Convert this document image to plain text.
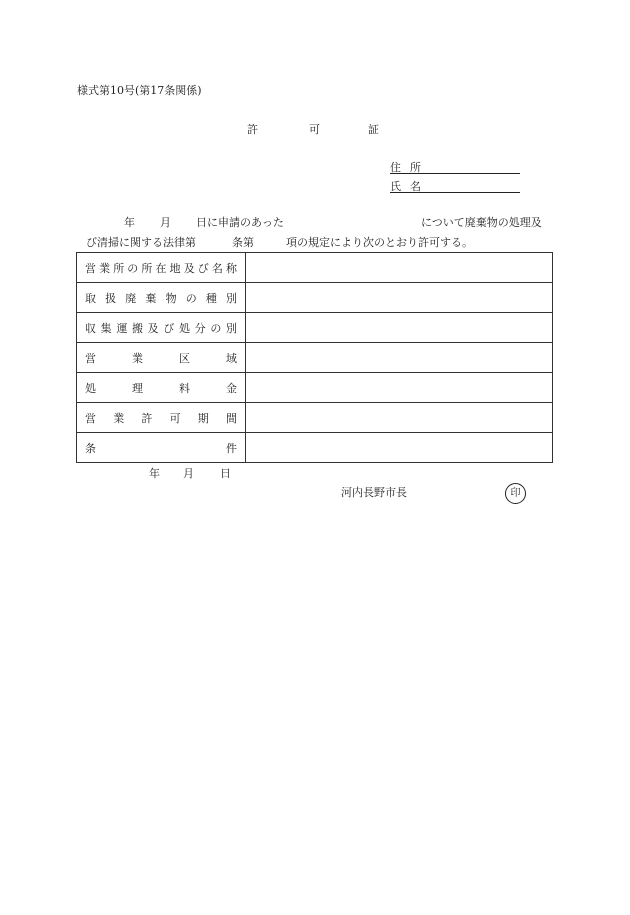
様式第10号(第17条関係)
許	可	証
住所
氏名
年 月 日に申請のあった	について廃棄物の処理及
び清掃に関する法律第	条第	項の規定により次のとおり許可する。
営業所の所在地及び名称	

取扱廃棄物の種別	

収集運搬及び処分の別	

営業区域	

処理料金	

営業許可期間	

条件	

年 月 日
河内長野市長	印
